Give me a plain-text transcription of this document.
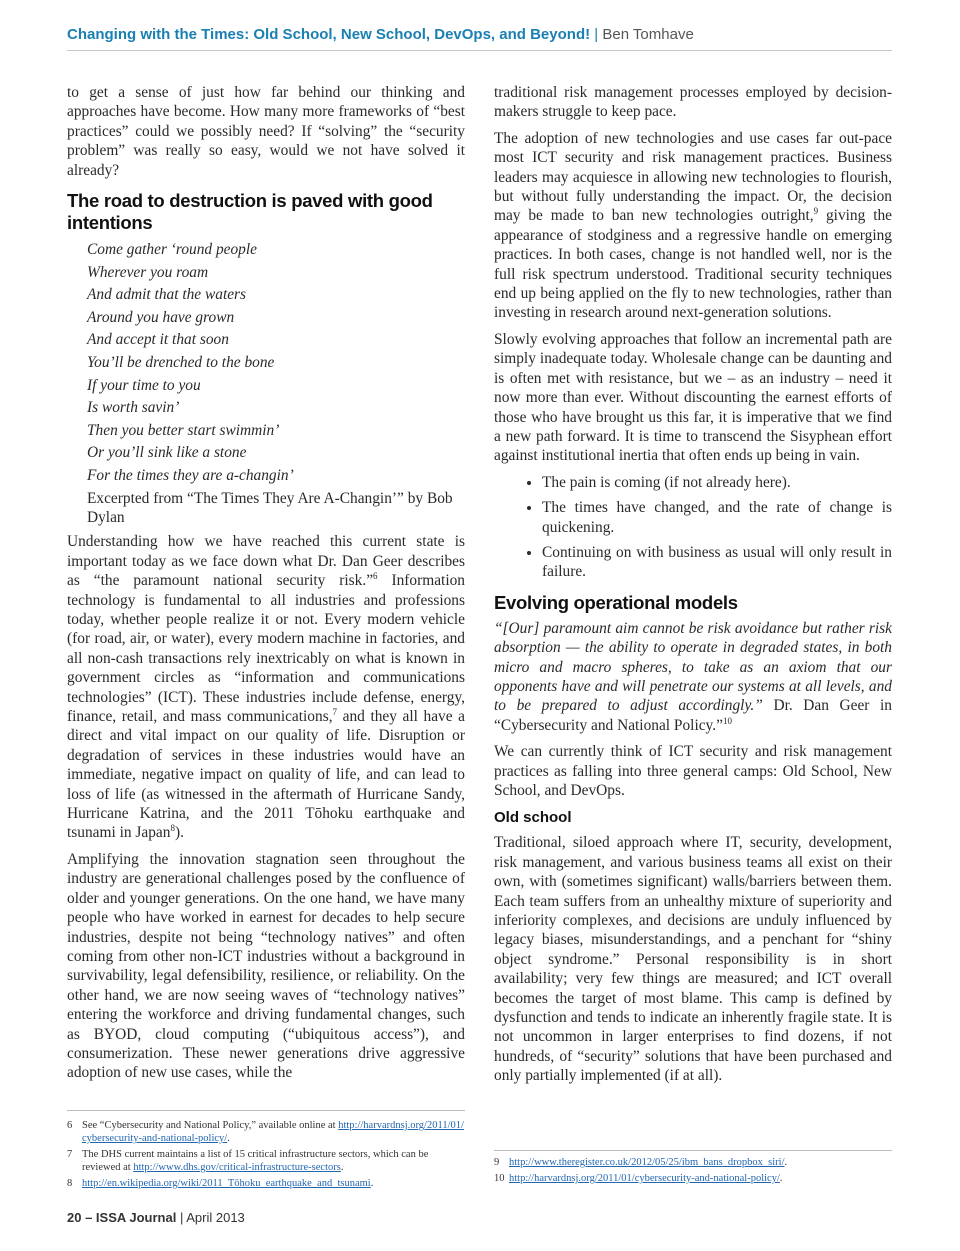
Changing with the Times: Old School, New School, DevOps, and Beyond! | Ben Tomhave

to get a sense of just how far behind our thinking and approaches have become. How many more frameworks of “best practices” could we possibly need? If “solving” the “security problem” was really so easy, would we not have solved it already?

The road to destruction is paved with good intentions
Come gather ‘round people
Wherever you roam
And admit that the waters
Around you have grown
And accept it that soon
You’ll be drenched to the bone
If your time to you
Is worth savin’
Then you better start swimmin’
Or you’ll sink like a stone
For the times they are a-changin’
Excerpted from “The Times They Are A-Changin’” by Bob Dylan

Understanding how we have reached this current state is important today as we face down what Dr. Dan Geer describes as “the paramount national security risk.”$^6$ Information technology is fundamental to all industries and professions today, whether people realize it or not. Every modern vehicle (for road, air, or water), every modern machine in factories, and all non-cash transactions rely inextricably on what is known in government circles as “information and communications technologies” (ICT). These industries include defense, energy, finance, retail, and mass communications,$^7$ and they all have a direct and vital impact on our quality of life. Disruption or degradation of services in these industries would have an immediate, negative impact on quality of life, and can lead to loss of life (as witnessed in the aftermath of Hurricane Sandy, Hurricane Katrina, and the 2011 Tōhoku earthquake and tsunami in Japan$^8$).

Amplifying the innovation stagnation seen throughout the industry are generational challenges posed by the confluence of older and younger generations. On the one hand, we have many people who have worked in earnest for decades to help secure industries, despite not being “technology natives” and often coming from other non-ICT industries without a background in survivability, legal defensibility, resilience, or reliability. On the other hand, we are now seeing waves of “technology natives” entering the workforce and driving fundamental changes, such as BYOD, cloud computing (“ubiquitous access”), and consumerization. These newer generations drive aggressive adoption of new use cases, while the

traditional risk management processes employed by decision-makers struggle to keep pace.

The adoption of new technologies and use cases far out-pace most ICT security and risk management practices. Business leaders may acquiesce in allowing new technologies to flourish, but without fully understanding the impact. Or, the decision may be made to ban new technologies outright,$^9$ giving the appearance of stodginess and a regressive handle on emerging practices. In both cases, change is not handled well, nor is the full risk spectrum understood. Traditional security techniques end up being applied on the fly to new technologies, rather than investing in research around next-generation solutions.

Slowly evolving approaches that follow an incremental path are simply inadequate today. Wholesale change can be daunting and is often met with resistance, but we – as an industry – need it now more than ever. Without discounting the earnest efforts of those who have brought us this far, it is imperative that we find a new path forward. It is time to transcend the Sisyphean effort against institutional inertia that often ends up being in vain.

• The pain is coming (if not already here).
• The times have changed, and the rate of change is quickening.
• Continuing on with business as usual will only result in failure.
Evolving operational models

“[Our] paramount aim cannot be risk avoidance but rather risk absorption — the ability to operate in degraded states, in both micro and macro spheres, to take as an axiom that our opponents have and will penetrate our systems at all levels, and to be prepared to adjust accordingly.” Dr. Dan Geer in “Cybersecurity and National Policy.”$^{10}$

We can currently think of ICT security and risk management practices as falling into three general camps: Old School, New School, and DevOps.

Old school

Traditional, siloed approach where IT, security, development, risk management, and various business teams all exist on their own, with (sometimes significant) walls/barriers between them. Each team suffers from an unhealthy mixture of superiority and inferiority complexes, and decisions are unduly influenced by legacy biases, misunderstandings, and a penchant for “shiny object syndrome.” Personal responsibility is in short availability; very few things are measured; and ICT overall becomes the target of most blame. This camp is defined by dysfunction and tends to indicate an inherently fragile state. It is not uncommon in larger enterprises to find dozens, if not hundreds, of “security” solutions that have been purchased and only partially implemented (if at all).

6 See “Cybersecurity and National Policy,” available online at http://harvardnsj.org/2011/01/cybersecurity-and-national-policy/.
7 The DHS current maintains a list of 15 critical infrastructure sectors, which can be reviewed at http://www.dhs.gov/critical-infrastructure-sectors.
8 http://en.wikipedia.org/wiki/2011_Tōhoku_earthquake_and_tsunami.
9 http://www.theregister.co.uk/2012/05/25/ibm_bans_dropbox_siri/.
10 http://harvardnsj.org/2011/01/cybersecurity-and-national-policy/.
20 – ISSA Journal | April 2013
